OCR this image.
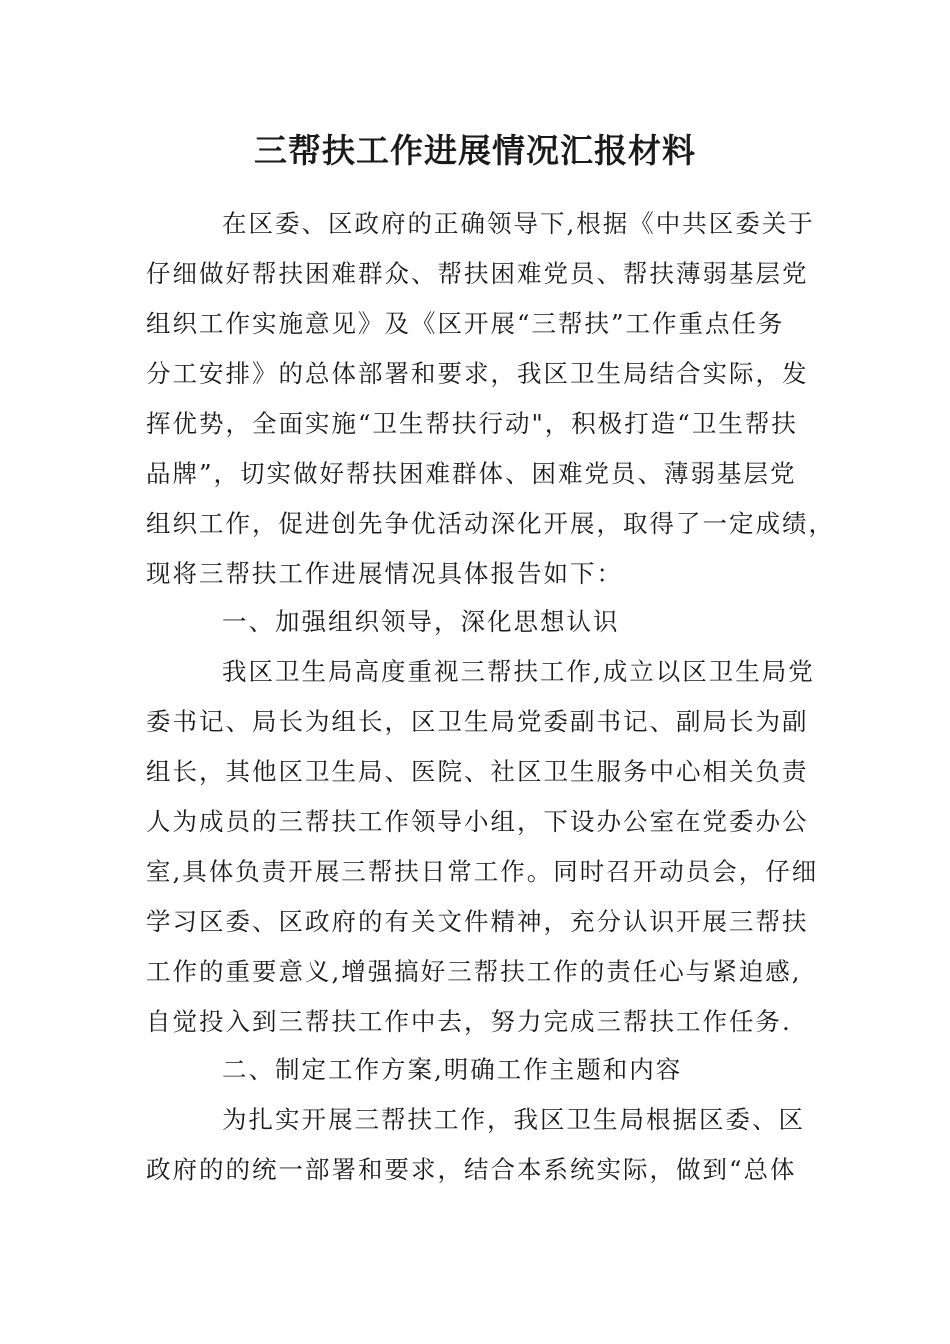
三帮扶工作进展情况汇报材料
在区委、区政府的正确领导下,根据《中共区委关于
仔细做好帮扶困难群众、帮扶困难党员、帮扶薄弱基层党
组织工作实施意见》及《区开展“三帮扶”工作重点任务
分工安排》的总体部署和要求，我区卫生局结合实际，发
挥优势，全面实施“卫生帮扶行动"，积极打造“卫生帮扶
品牌”，切实做好帮扶困难群体、困难党员、薄弱基层党
组织工作，促进创先争优活动深化开展，取得了一定成绩，
现将三帮扶工作进展情况具体报告如下：
一、加强组织领导，深化思想认识
我区卫生局高度重视三帮扶工作,成立以区卫生局党
委书记、局长为组长，区卫生局党委副书记、副局长为副
组长，其他区卫生局、医院、社区卫生服务中心相关负责
人为成员的三帮扶工作领导小组，下设办公室在党委办公
室,具体负责开展三帮扶日常工作。同时召开动员会，仔细
学习区委、区政府的有关文件精神，充分认识开展三帮扶
工作的重要意义,增强搞好三帮扶工作的责任心与紧迫感,
自觉投入到三帮扶工作中去，努力完成三帮扶工作任务.
二、制定工作方案,明确工作主题和内容
为扎实开展三帮扶工作，我区卫生局根据区委、区
政府的的统一部署和要求，结合本系统实际，做到“总体
